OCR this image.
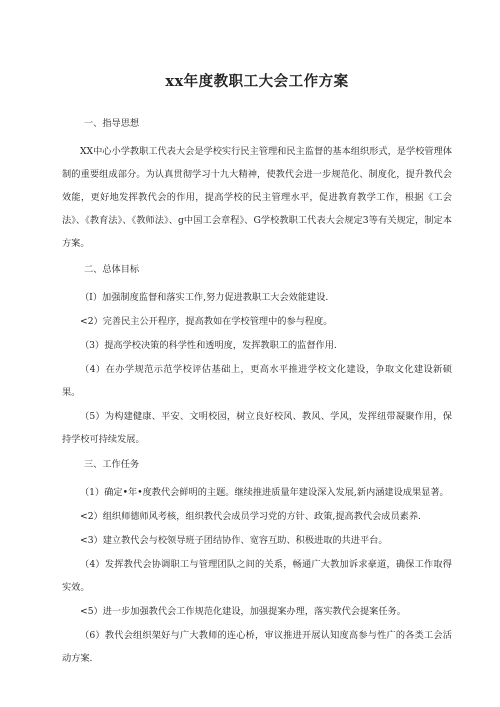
xx年度教职工大会工作方案
一、指导思想
XX中心小学教职工代表大会是学校实行民主管理和民主监督的基本组织形式，是学校管理体制的重要组成部分。为认真贯彻学习十九大精神，使教代会进一步规范化、制度化，提升教代会效能，更好地发挥教代会的作用，提高学校的民主管理水平，促进教育教学工作，根据《工会法》、《教育法》、《教师法》、g中国工会章程》、G学校教职工代表大会规定3等有关规定，制定本方案。
二、总体目标
（I）加强制度监督和落实工作,努力促进教职工大会效能建设.
<2）完善民主公开程序，提高教如在学校管理中的参与程度。
（3）提高学校决策的科学性和透明度，发挥教职工的监督作用.
（4）在办学规范示范学校评估基础上，更高水平推进学校文化建设，争取文化建设新硕果。
（5）为构建健康、平安、文明校园，树立良好校风、教风、学风，发挥纽带凝聚作用，保持学校可持续发展。
三、工作任务
（1）确定•年•度教代会鲜明的主题。继续推进质量年建设深入发展,新内涵建设成果显著。
<2）组织师德师风考核，组织教代会成员学习党的方针、政策,提高教代会成员素养.
<3）建立教代会与校领导班子团结协作、宽容互助、积极进取的共进平台。
（4）发挥教代会协调职工与管理团队之间的关系，畅通广大教加诉求豪道，确保工作取得实效。
<5）进一步加强教代会工作规范化建设，加强提案办理，落实教代会提案任务。
（6）教代会组织架好与广大教师的连心桥，审议推进开展认知度高参与性广的各类工会活动方案.
